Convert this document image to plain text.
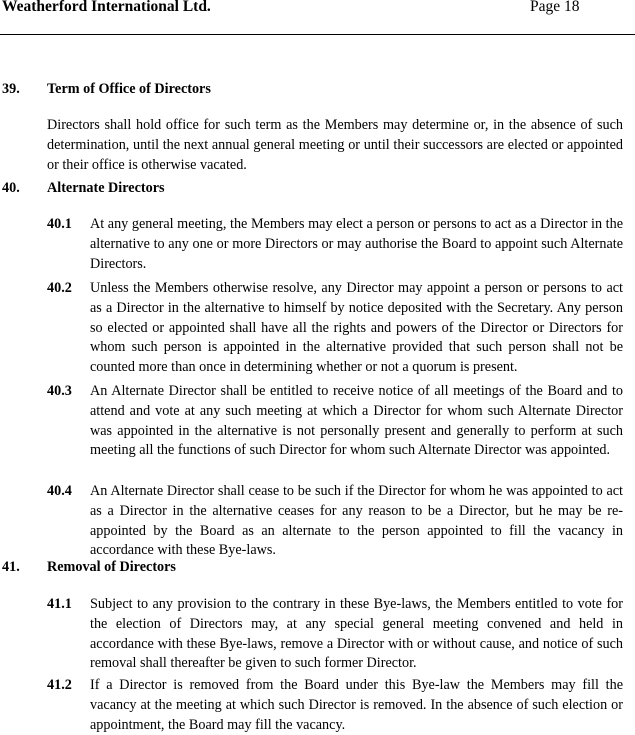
Weatherford International Ltd.	Page 18
39. Term of Office of Directors

Directors shall hold office for such term as the Members may determine or, in the absence of such determination, until the next annual general meeting or until their successors are elected or appointed or their office is otherwise vacated.

40. Alternate Directors
40.1 At any general meeting, the Members may elect a person or persons to act as a Director in the alternative to any one or more Directors or may authorise the Board to appoint such Alternate Directors.

40.2 Unless the Members otherwise resolve, any Director may appoint a person or persons to act as a Director in the alternative to himself by notice deposited with the Secretary. Any person so elected or appointed shall have all the rights and powers of the Director or Directors for whom such person is appointed in the alternative provided that such person shall not be counted more than once in determining whether or not a quorum is present.

40.3 An Alternate Director shall be entitled to receive notice of all meetings of the Board and to attend and vote at any such meeting at which a Director for whom such Alternate Director was appointed in the alternative is not personally present and generally to perform at such meeting all the functions of such Director for whom such Alternate Director was appointed.

40.4 An Alternate Director shall cease to be such if the Director for whom he was appointed to act as a Director in the alternative ceases for any reason to be a Director, but he may be re-appointed by the Board as an alternate to the person appointed to fill the vacancy in accordance with these Bye-laws.

41. Removal of Directors
41.1 Subject to any provision to the contrary in these Bye-laws, the Members entitled to vote for the election of Directors may, at any special general meeting convened and held in accordance with these Bye-laws, remove a Director with or without cause, and notice of such removal shall thereafter be given to such former Director.

41.2 If a Director is removed from the Board under this Bye-law the Members may fill the vacancy at the meeting at which such Director is removed. In the absence of such election or appointment, the Board may fill the vacancy.
